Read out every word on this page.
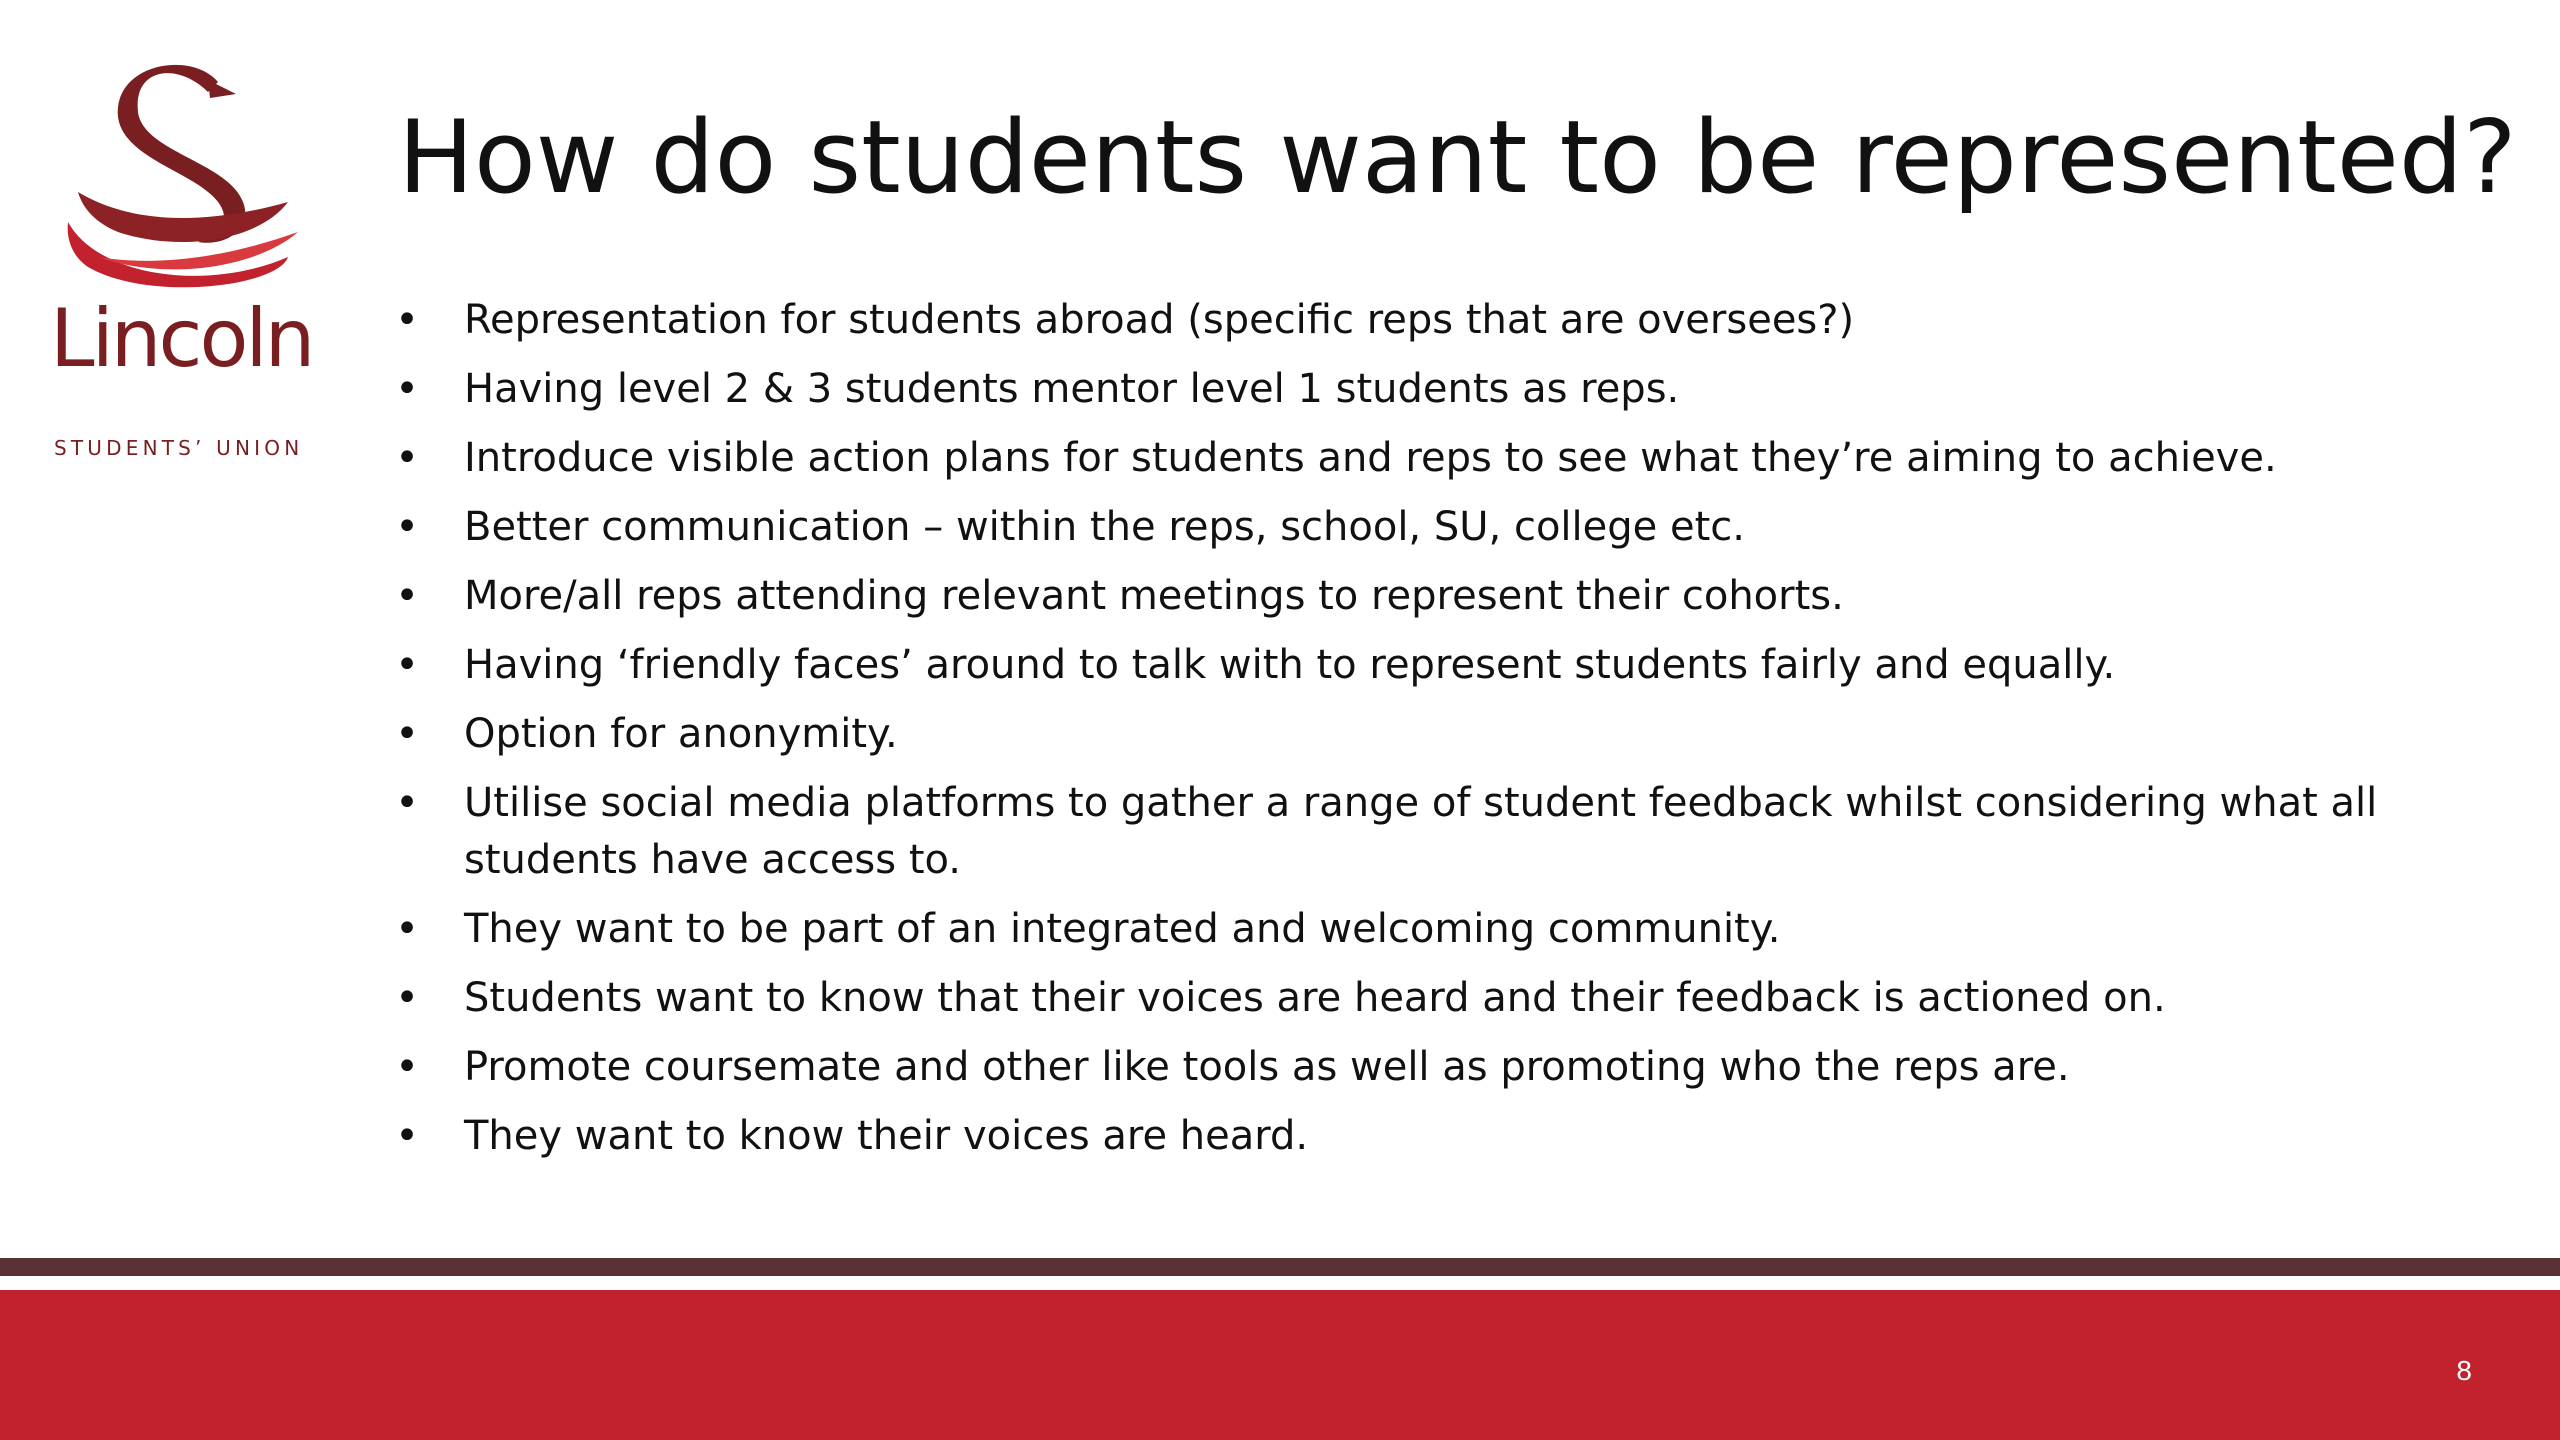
Lincoln
STUDENTS’ UNION
How do students want to be represented?
• Representation for students abroad (specific reps that are oversees?)
• Having level 2 & 3 students mentor level 1 students as reps.
• Introduce visible action plans for students and reps to see what they’re aiming to achieve.
• Better communication – within the reps, school, SU, college etc.
• More/all reps attending relevant meetings to represent their cohorts.
• Having ‘friendly faces’ around to talk with to represent students fairly and equally.
• Option for anonymity.
• Utilise social media platforms to gather a range of student feedback whilst considering what all students have access to.
• They want to be part of an integrated and welcoming community.
• Students want to know that their voices are heard and their feedback is actioned on.
• Promote coursemate and other like tools as well as promoting who the reps are.
• They want to know their voices are heard.
8
